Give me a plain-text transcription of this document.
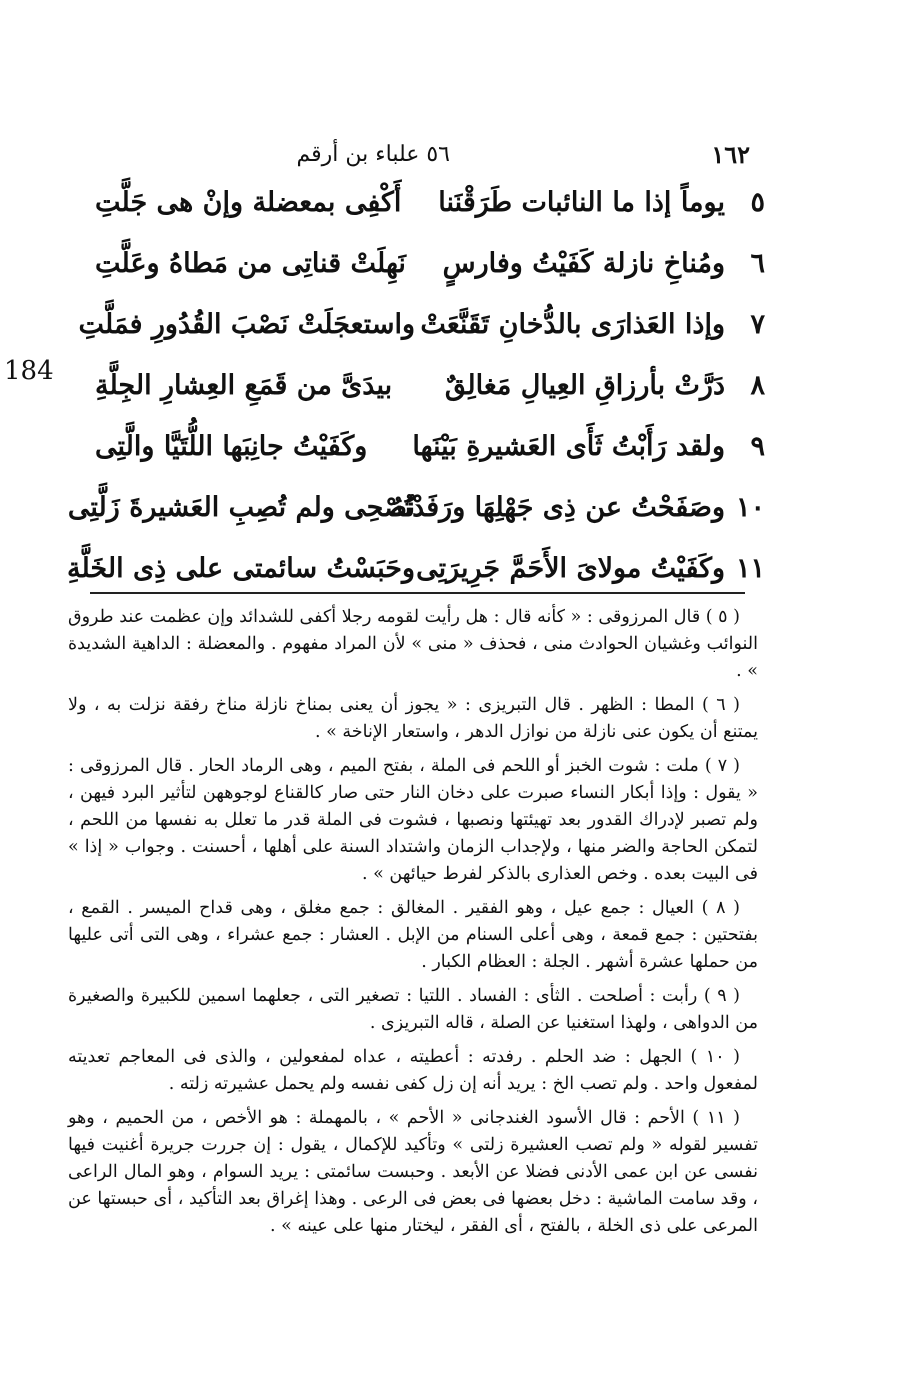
١٦٢
٥٦ علباء بن أرقم
184
٥
يوماً إذا ما النائبات طَرَقْنَنا
أَكْفِى بمعضلة وإنْ هى جَلَّتِ
٦
ومُناخِ نازلة كَفَيْتُ وفارسٍ
نَهِلَتْ قناتِى من مَطاهُ وعَلَّتِ
٧
وإذا العَذارَى بالدُّخانِ تَقَنَّعَتْ
واستعجَلَتْ نَصْبَ القُدُورِ فمَلَّتِ
٨
دَرَّتْ بأرزاقِ العِيالِ مَغالِقٌ
بيدَىَّ من قَمَعِ العِشارِ الجِلَّةِ
٩
ولقد رَأَبْتُ ثَأَى العَشيرةِ بَيْنَها
وكَفَيْتُ جانِبَها اللُّتَيَّا والَّتِى
١٠
وصَفَحْتُ عن ذِى جَهْلِهَا ورَفَدْتُهُ
نُصْحِى ولم تُصِبِ العَشيرةَ زَلَّتِى
١١
وكَفَيْتُ مولاىَ الأَحَمَّ جَرِيرَتِى
وحَبَسْتُ سائمتى على ذِى الخَلَّةِ

( ٥ ) قال المرزوقى : « كأنه قال : هل رأيت لقومه رجلا أكفى للشدائد وإن عظمت عند طروق النوائب وغشيان الحوادث منى ، فحذف « منى » لأن المراد مفهوم . والمعضلة : الداهية الشديدة » .

( ٦ ) المطا : الظهر . قال التبريزى : « يجوز أن يعنى بمناخ نازلة مناخ رفقة نزلت به ، ولا يمتنع أن يكون عنى نازلة من نوازل الدهر ، واستعار الإناخة » .

( ٧ ) ملت : شوت الخبز أو اللحم فى الملة ، بفتح الميم ، وهى الرماد الحار . قال المرزوقى : « يقول : وإذا أبكار النساء صبرت على دخان النار حتى صار كالقناع لوجوههن لتأثير البرد فيهن ، ولم تصبر لإدراك القدور بعد تهيئتها ونصبها ، فشوت فى الملة قدر ما تعلل به نفسها من اللحم ، لتمكن الحاجة والضر منها ، ولإجداب الزمان واشتداد السنة على أهلها ، أحسنت . وجواب « إذا » فى البيت بعده . وخص العذارى بالذكر لفرط حيائهن » .

( ٨ ) العيال : جمع عيل ، وهو الفقير . المغالق : جمع مغلق ، وهى قداح الميسر . القمع ، بفتحتين : جمع قمعة ، وهى أعلى السنام من الإبل . العشار : جمع عشراء ، وهى التى أتى عليها من حملها عشرة أشهر . الجلة : العظام الكبار .

( ٩ ) رأبت : أصلحت . الثأى : الفساد . اللتيا : تصغير التى ، جعلهما اسمين للكبيرة والصغيرة من الدواهى ، ولهذا استغنيا عن الصلة ، قاله التبريزى .

( ١٠ ) الجهل : ضد الحلم . رفدته : أعطيته ، عداه لمفعولين ، والذى فى المعاجم تعديته لمفعول واحد . ولم تصب الخ : يريد أنه إن زل كفى نفسه ولم يحمل عشيرته زلته .

( ١١ ) الأحم : قال الأسود الغندجانى « الأحم » ، بالمهملة : هو الأخص ، من الحميم ، وهو تفسير لقوله « ولم تصب العشيرة زلتى » وتأكيد للإكمال ، يقول : إن جررت جريرة أغنيت فيها نفسى عن ابن عمى الأدنى فضلا عن الأبعد . وحبست سائمتى : يريد السوام ، وهو المال الراعى ، وقد سامت الماشية : دخل بعضها فى بعض فى الرعى . وهذا إغراق بعد التأكيد ، أى حبستها عن المرعى على ذى الخلة ، بالفتح ، أى الفقر ، ليختار منها على عينه » .
